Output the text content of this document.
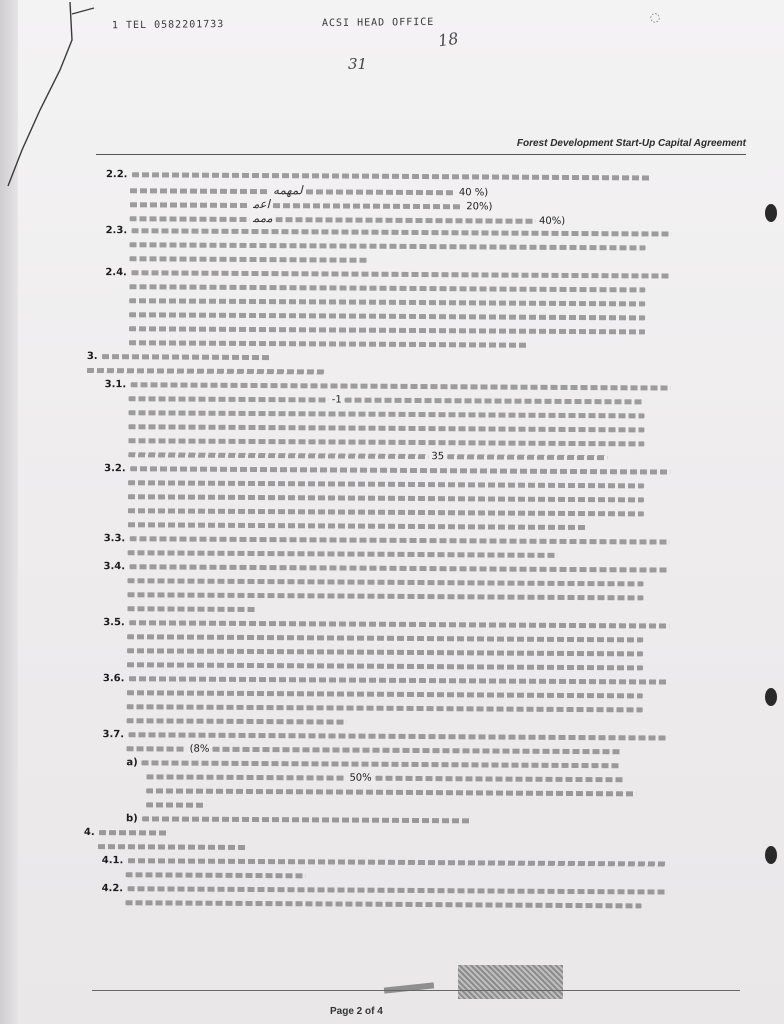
1 TEL 0582201733	ACSI HEAD OFFICE
18
31
◌
Forest Development Start-Up Capital Agreement
2.2.
ﻟﻤﻬﻤﻪ	40 %)
ﺍﻋﻣ	20%)
ﻣﻣﻤ	40%)
2.3.
2.4.
3.
3.1.
-1
35
3.2.
3.3.
3.4.
3.5.
3.6.
3.7.
(8%
a)
50%
b)
4.
4.1.
4.2.
Page 2 of 4
